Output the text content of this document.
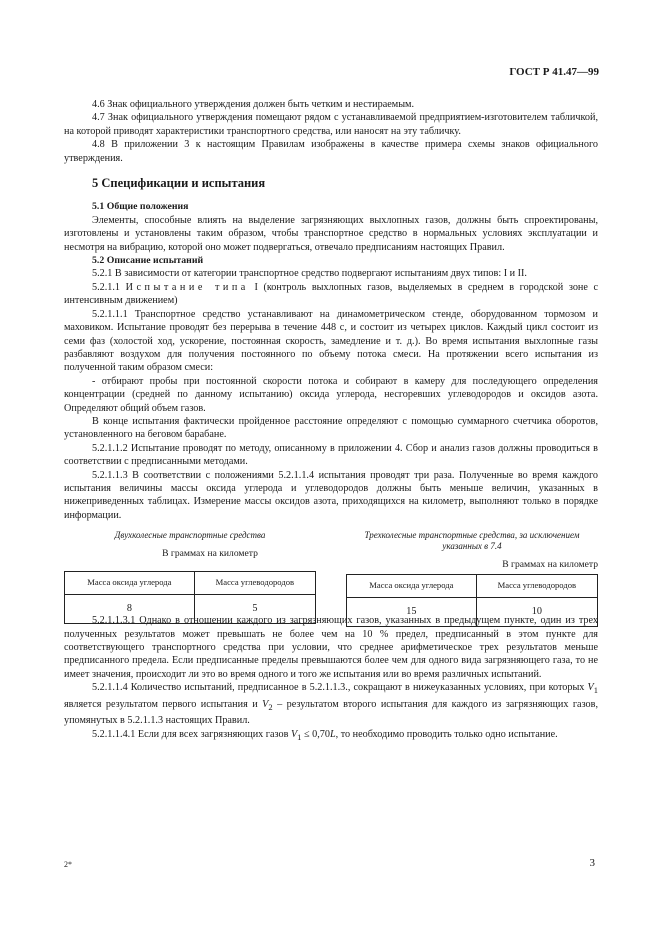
ГОСТ Р 41.47—99

4.6 Знак официального утверждения должен быть четким и нестираемым.

4.7 Знак официального утверждения помещают рядом с устанавливаемой предприятием-изготовителем табличкой, на которой приводят характеристики транспортного средства, или наносят на эту табличку.

4.8 В приложении 3 к настоящим Правилам изображены в качестве примера схемы знаков официального утверждения.

5 Спецификации и испытания
5.1 Общие положения

Элементы, способные влиять на выделение загрязняющих выхлопных газов, должны быть спроектированы, изготовлены и установлены таким образом, чтобы транспортное средство в нормальных условиях эксплуатации и несмотря на вибрацию, которой оно может подвергаться, отвечало предписаниям настоящих Правил.

5.2 Описание испытаний

5.2.1 В зависимости от категории транспортное средство подвергают испытаниям двух типов: I и II.

5.2.1.1 Испытание типа I (контроль выхлопных газов, выделяемых в среднем в городской зоне с интенсивным движением)

5.2.1.1.1 Транспортное средство устанавливают на динамометрическом стенде, оборудованном тормозом и маховиком. Испытание проводят без перерыва в течение 448 с, и состоит из четырех циклов. Каждый цикл состоит из семи фаз (холостой ход, ускорение, постоянная скорость, замедление и т. д.). Во время испытания выхлопные газы разбавляют воздухом для получения постоянного по объему потока смеси. На протяжении всего испытания из полученной таким образом смеси:

- отбирают пробы при постоянной скорости потока и собирают в камеру для последующего определения концентрации (средней по данному испытанию) оксида углерода, несгоревших углеводородов и оксидов азота. Определяют общий объем газов.

В конце испытания фактически пройденное расстояние определяют с помощью суммарного счетчика оборотов, установленного на беговом барабане.

5.2.1.1.2 Испытание проводят по методу, описанному в приложении 4. Сбор и анализ газов должны проводиться в соответствии с предписанными методами.

5.2.1.1.3 В соответствии с положениями 5.2.1.1.4 испытания проводят три раза. Полученные во время каждого испытания величины массы оксида углерода и углеводородов должны быть меньше величин, указанных в нижеприведенных таблицах. Измерение массы оксидов азота, приходящихся на километр, выполняют только в порядке информации.

Двухколесные транспортные средства
В граммах на километр
Масса оксида углерода	Масса углеводородов
8	5
Трехколесные транспортные средства, за исключением указанных в 7.4
В граммах на километр
Масса оксида углерода	Масса углеводородов
15	10

5.2.1.1.3.1 Однако в отношении каждого из загрязняющих газов, указанных в предыдущем пункте, один из трех полученных результатов может превышать не более чем на 10 % предел, предписанный в этом пункте для соответствующего транспортного средства при условии, что среднее арифметическое трех результатов меньше предписанного предела. Если предписанные пределы превышаются более чем для одного вида загрязняющего газа, то не имеет значения, происходит ли это во время одного и того же испытания или во время различных испытаний.

5.2.1.1.4 Количество испытаний, предписанное в 5.2.1.1.3., сокращают в нижеуказанных условиях, при которых $V_1$ является результатом первого испытания и $V_2$ – результатом второго испытания для каждого из загрязняющих газов, упомянутых в 5.2.1.1.3 настоящих Правил.

5.2.1.1.4.1 Если для всех загрязняющих газов $V_1 \le 0,70L$, то необходимо проводить только одно испытание.

2*	3
